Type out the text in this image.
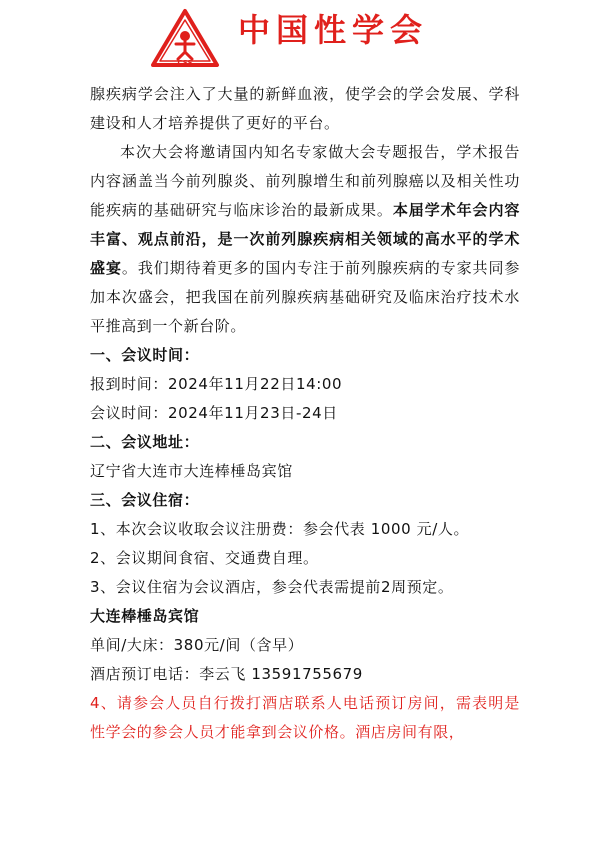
CSS
中国性学会

腺疾病学会注入了大量的新鲜血液，使学会的学会发展、学科建设和人才培养提供了更好的平台。

本次大会将邀请国内知名专家做大会专题报告，学术报告内容涵盖当今前列腺炎、前列腺增生和前列腺癌以及相关性功能疾病的基础研究与临床诊治的最新成果。本届学术年会内容丰富、观点前沿，是一次前列腺疾病相关领域的高水平的学术盛宴。我们期待着更多的国内专注于前列腺疾病的专家共同参加本次盛会，把我国在前列腺疾病基础研究及临床治疗技术水平推高到一个新台阶。

一、会议时间：
报到时间：2024年11月22日14:00
会议时间：2024年11月23日-24日
二、会议地址：
辽宁省大连市大连棒棰岛宾馆
三、会议住宿：
1、本次会议收取会议注册费：参会代表 1000 元/人。
2、会议期间食宿、交通费自理。
3、会议住宿为会议酒店，参会代表需提前2周预定。
大连棒棰岛宾馆
单间/大床：380元/间（含早）
酒店预订电话：李云飞 13591755679

4、请参会人员自行拨打酒店联系人电话预订房间，需表明是性学会的参会人员才能拿到会议价格。酒店房间有限，
